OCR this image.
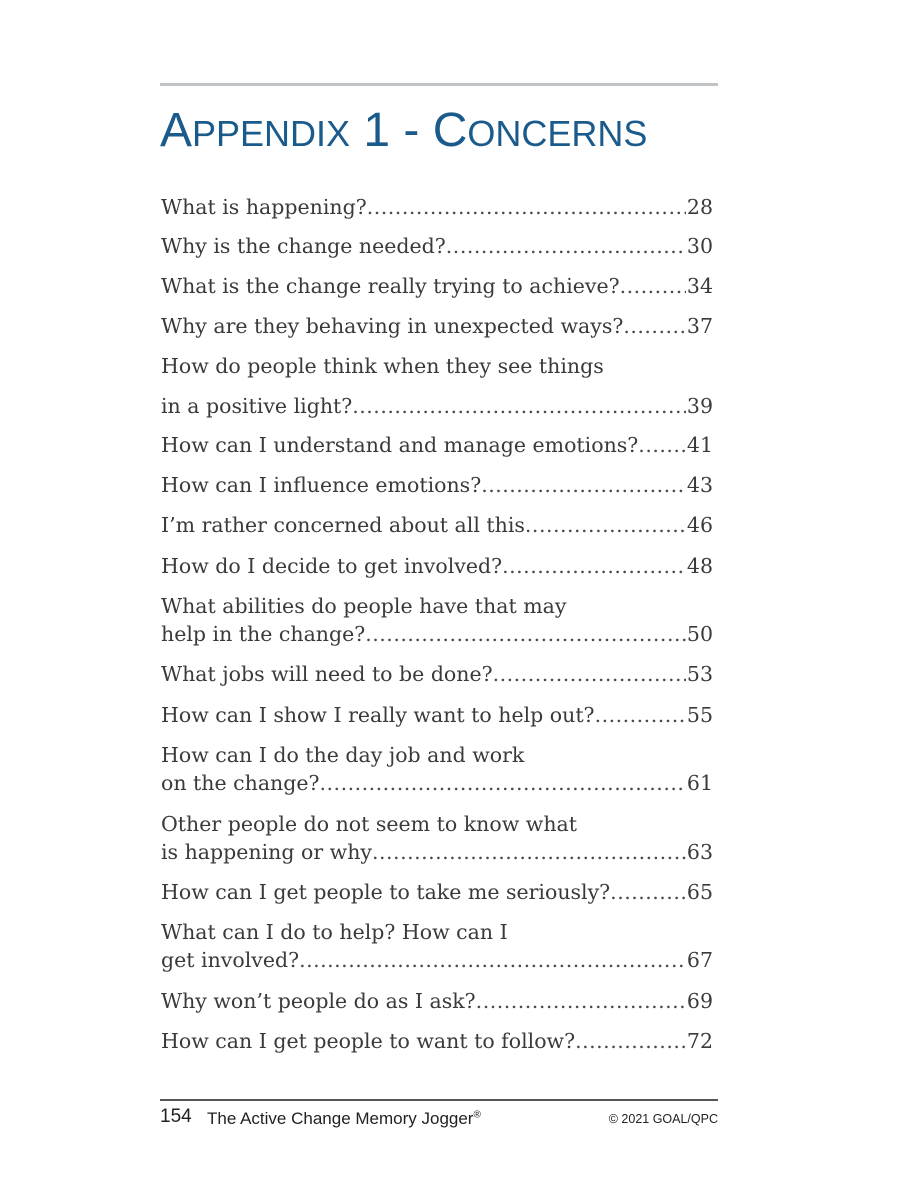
APPENDIX 1 - CONCERNS
What is happening? .....	28
Why is the change needed? .....	30
What is the change really trying to achieve? .....	34
Why are they behaving in unexpected ways? .....	37
How do people think when they see things
in a positive light? .....	39
How can I understand and manage emotions? ..... 41
How can I influence emotions? .....	43
I’m rather concerned about all this .....	46
How do I decide to get involved? .....	48
What abilities do people have that may
help in the change? .....	50
What jobs will need to be done? .....	53
How can I show I really want to help out? .....	55
How can I do the day job and work
on the change? .....	61
Other people do not seem to know what
is happening or why .....	63
How can I get people to take me seriously? .....	65
What can I do to help? How can I
get involved? .....	67
Why won’t people do as I ask? .....	69
How can I get people to want to follow? .....	72
154 The Active Change Memory Jogger®	© 2021 GOAL/QPC
